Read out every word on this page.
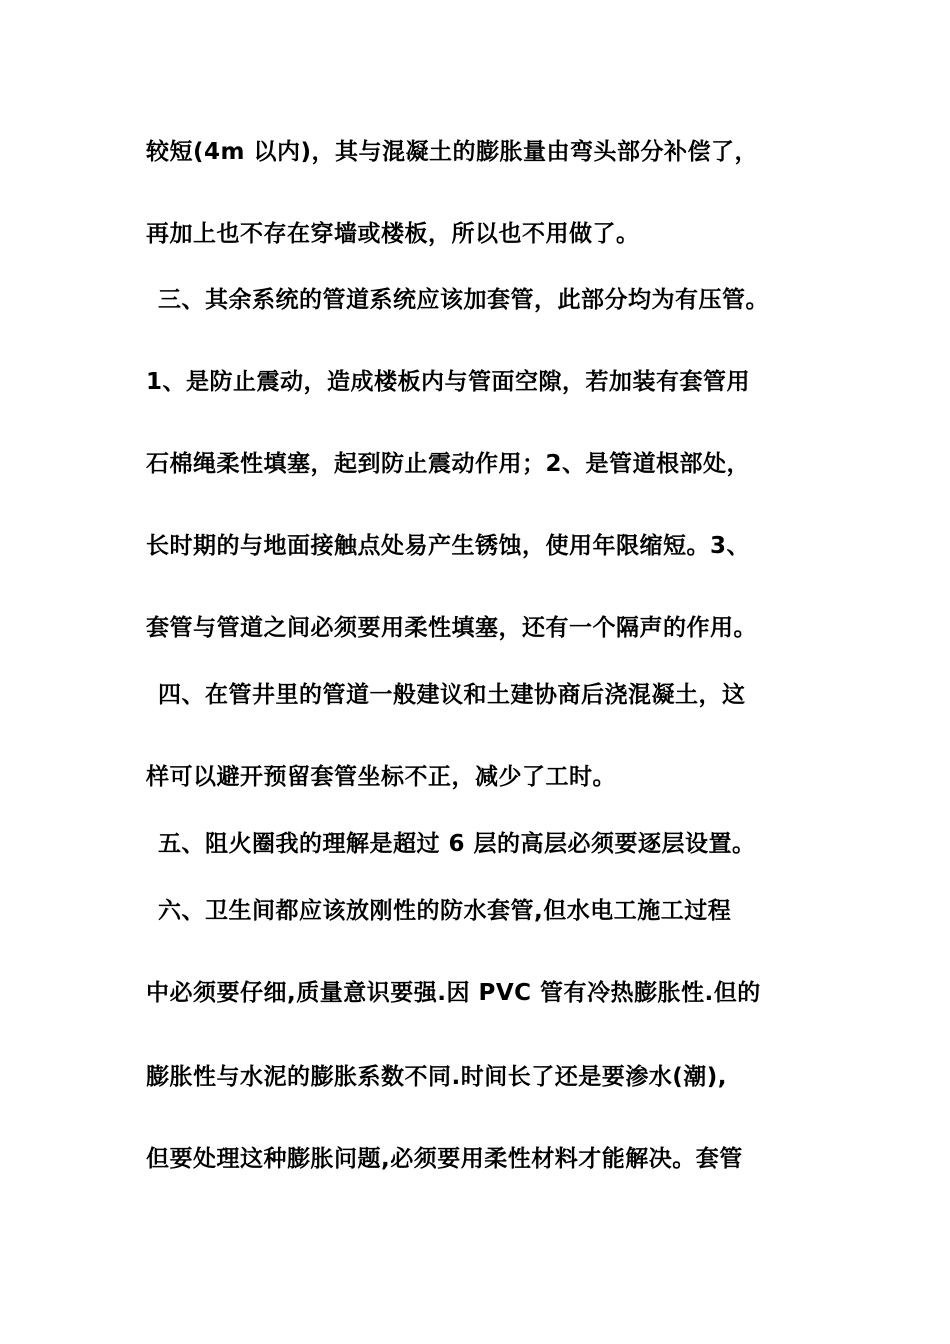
较短(4m 以内)，其与混凝土的膨胀量由弯头部分补偿了，
再加上也不存在穿墙或楼板，所以也不用做了。
三、其余系统的管道系统应该加套管，此部分均为有压管。
1、是防止震动，造成楼板内与管面空隙，若加装有套管用
石棉绳柔性填塞，起到防止震动作用；2、是管道根部处，
长时期的与地面接触点处易产生锈蚀，使用年限缩短。3、
套管与管道之间必须要用柔性填塞，还有一个隔声的作用。
四、在管井里的管道一般建议和土建协商后浇混凝土，这
样可以避开预留套管坐标不正，减少了工时。
五、阻火圈我的理解是超过 6 层的高层必须要逐层设置。
六、卫生间都应该放刚性的防水套管,但水电工施工过程
中必须要仔细,质量意识要强.因 PVC 管有冷热膨胀性.但的
膨胀性与水泥的膨胀系数不同.时间长了还是要渗水(潮),
但要处理这种膨胀问题,必须要用柔性材料才能解决。套管
